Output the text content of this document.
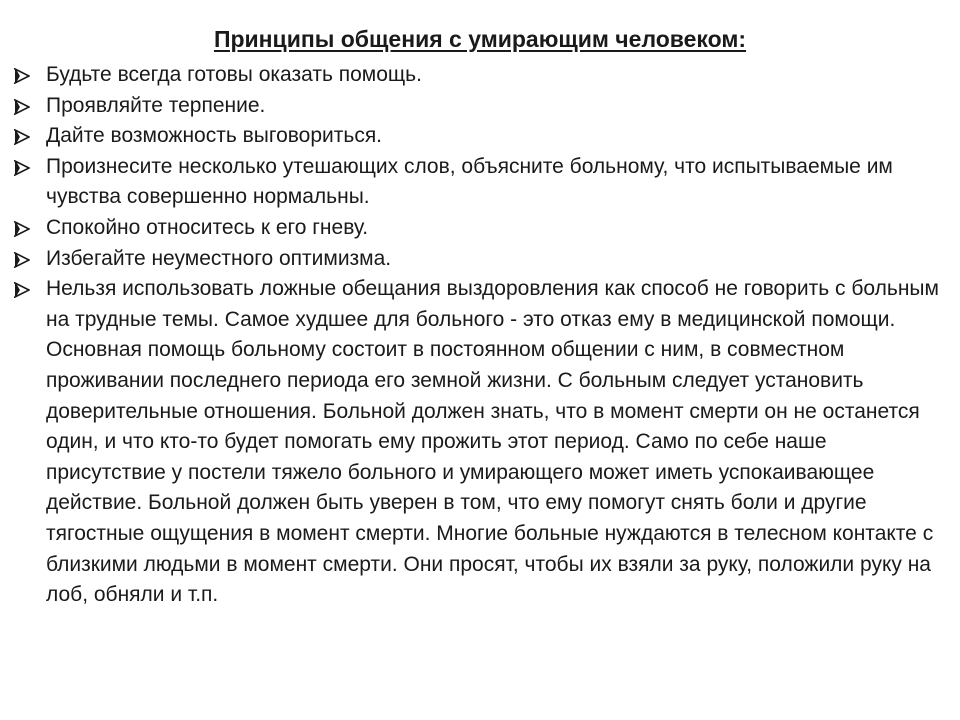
Принципы общения с умирающим человеком:
Будьте всегда готовы оказать помощь.
Проявляйте терпение.
Дайте возможность выговориться.
Произнесите несколько утешающих слов, объясните больному, что испытываемые им чувства совершенно нормальны.
Спокойно относитесь к его гневу.
Избегайте неуместного оптимизма.
Нельзя использовать ложные обещания выздоровления как способ не говорить с больным на трудные темы. Самое худшее для больного - это отказ ему в медицинской помощи. Основная помощь больному состоит в постоянном общении с ним, в совместном проживании последнего периода его земной жизни. С больным следует установить доверительные отношения. Больной должен знать, что в момент смерти он не останется один, и что кто-то будет помогать ему прожить этот период. Само по себе наше присутствие у постели тяжело больного и умирающего может иметь успокаивающее действие. Больной должен быть уверен в том, что ему помогут снять боли и другие тягостные ощущения в момент смерти. Многие больные нуждаются в телесном контакте с близкими людьми в момент смерти. Они просят, чтобы их взяли за руку, положили руку на лоб, обняли и т.п.
